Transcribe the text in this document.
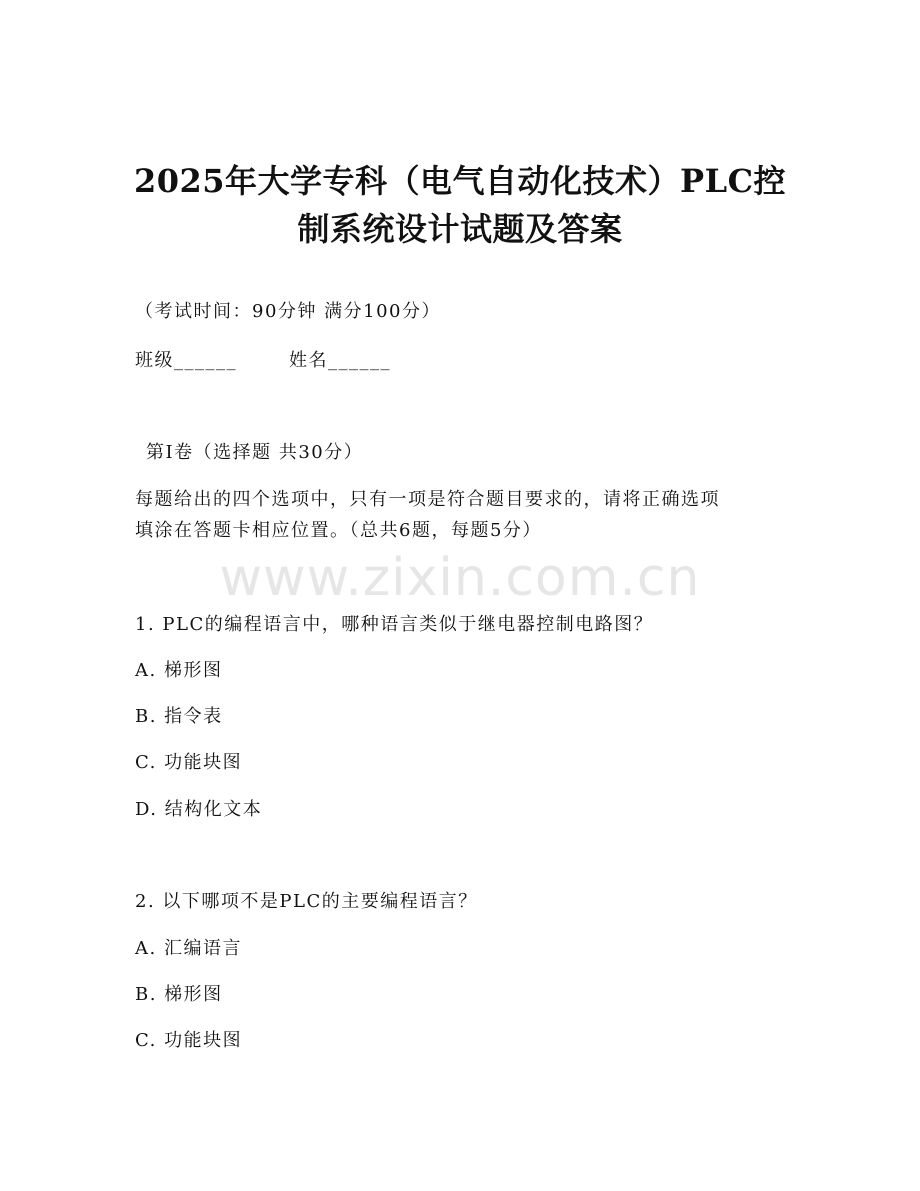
2025年大学专科（电气自动化技术）PLC控
制系统设计试题及答案
（考试时间：90分钟 满分100分）
班级______	姓名______
第I卷（选择题 共30分）
每题给出的四个选项中，只有一项是符合题目要求的，请将正确选项
填涂在答题卡相应位置。（总共6题，每题5分）
www.zixin.com.cn
1. PLC的编程语言中，哪种语言类似于继电器控制电路图？
A. 梯形图
B. 指令表
C. 功能块图
D. 结构化文本
2. 以下哪项不是PLC的主要编程语言？
A. 汇编语言
B. 梯形图
C. 功能块图
